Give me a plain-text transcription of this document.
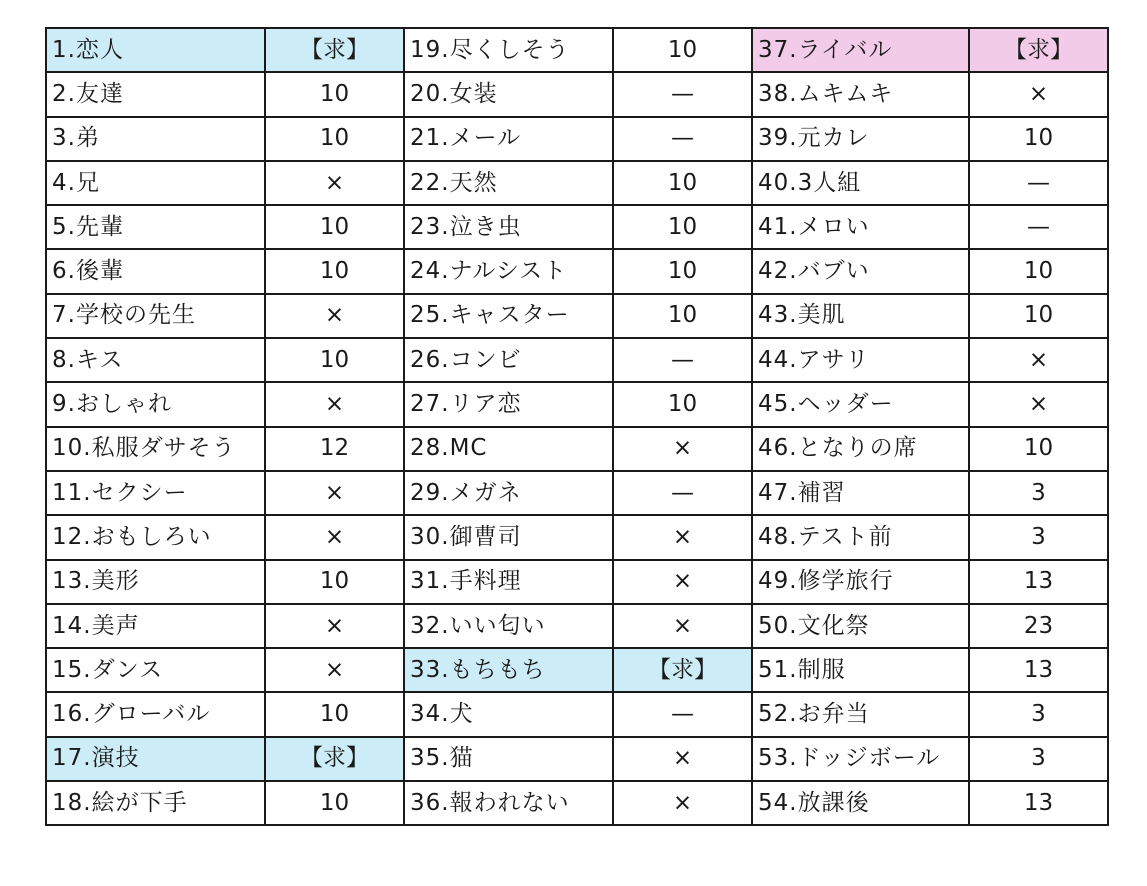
1.恋人	【求】	19.尽くしそう	10	37.ライバル	【求】
2.友達	10	20.女装	—	38.ムキムキ	×
3.弟	10	21.メール	—	39.元カレ	10
4.兄	×	22.天然	10	40.3人組	—
5.先輩	10	23.泣き虫	10	41.メロい	—
6.後輩	10	24.ナルシスト	10	42.バブい	10
7.学校の先生	×	25.キャスター	10	43.美肌	10
8.キス	10	26.コンビ	—	44.アサリ	×
9.おしゃれ	×	27.リア恋	10	45.ヘッダー	×
10.私服ダサそう	12	28.MC	×	46.となりの席	10
11.セクシー	×	29.メガネ	—	47.補習	3
12.おもしろい	×	30.御曹司	×	48.テスト前	3
13.美形	10	31.手料理	×	49.修学旅行	13
14.美声	×	32.いい匂い	×	50.文化祭	23
15.ダンス	×	33.もちもち	【求】	51.制服	13
16.グローバル	10	34.犬	—	52.お弁当	3
17.演技	【求】	35.猫	×	53.ドッジボール	3
18.絵が下手	10	36.報われない	×	54.放課後	13
